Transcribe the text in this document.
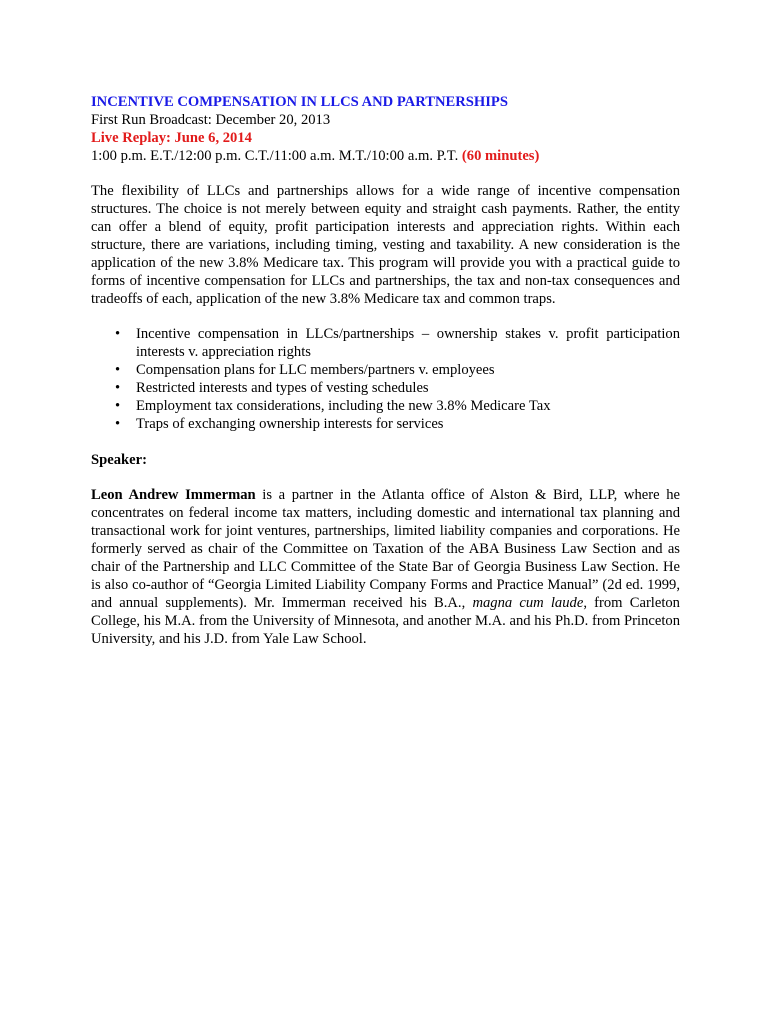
INCENTIVE COMPENSATION IN LLCS AND PARTNERSHIPS
First Run Broadcast: December 20, 2013
Live Replay: June 6, 2014
1:00 p.m. E.T./12:00 p.m. C.T./11:00 a.m. M.T./10:00 a.m. P.T. (60 minutes)

The flexibility of LLCs and partnerships allows for a wide range of incentive compensation structures. The choice is not merely between equity and straight cash payments. Rather, the entity can offer a blend of equity, profit participation interests and appreciation rights. Within each structure, there are variations, including timing, vesting and taxability. A new consideration is the application of the new 3.8% Medicare tax. This program will provide you with a practical guide to forms of incentive compensation for LLCs and partnerships, the tax and non-tax consequences and tradeoffs of each, application of the new 3.8% Medicare tax and common traps.

• Incentive compensation in LLCs/partnerships – ownership stakes v. profit participation interests v. appreciation rights
• Compensation plans for LLC members/partners v. employees
• Restricted interests and types of vesting schedules
• Employment tax considerations, including the new 3.8% Medicare Tax
• Traps of exchanging ownership interests for services

Speaker:

Leon Andrew Immerman is a partner in the Atlanta office of Alston & Bird, LLP, where he concentrates on federal income tax matters, including domestic and international tax planning and transactional work for joint ventures, partnerships, limited liability companies and corporations. He formerly served as chair of the Committee on Taxation of the ABA Business Law Section and as chair of the Partnership and LLC Committee of the State Bar of Georgia Business Law Section. He is also co-author of “Georgia Limited Liability Company Forms and Practice Manual” (2d ed. 1999, and annual supplements). Mr. Immerman received his B.A., magna cum laude, from Carleton College, his M.A. from the University of Minnesota, and another M.A. and his Ph.D. from Princeton University, and his J.D. from Yale Law School.
